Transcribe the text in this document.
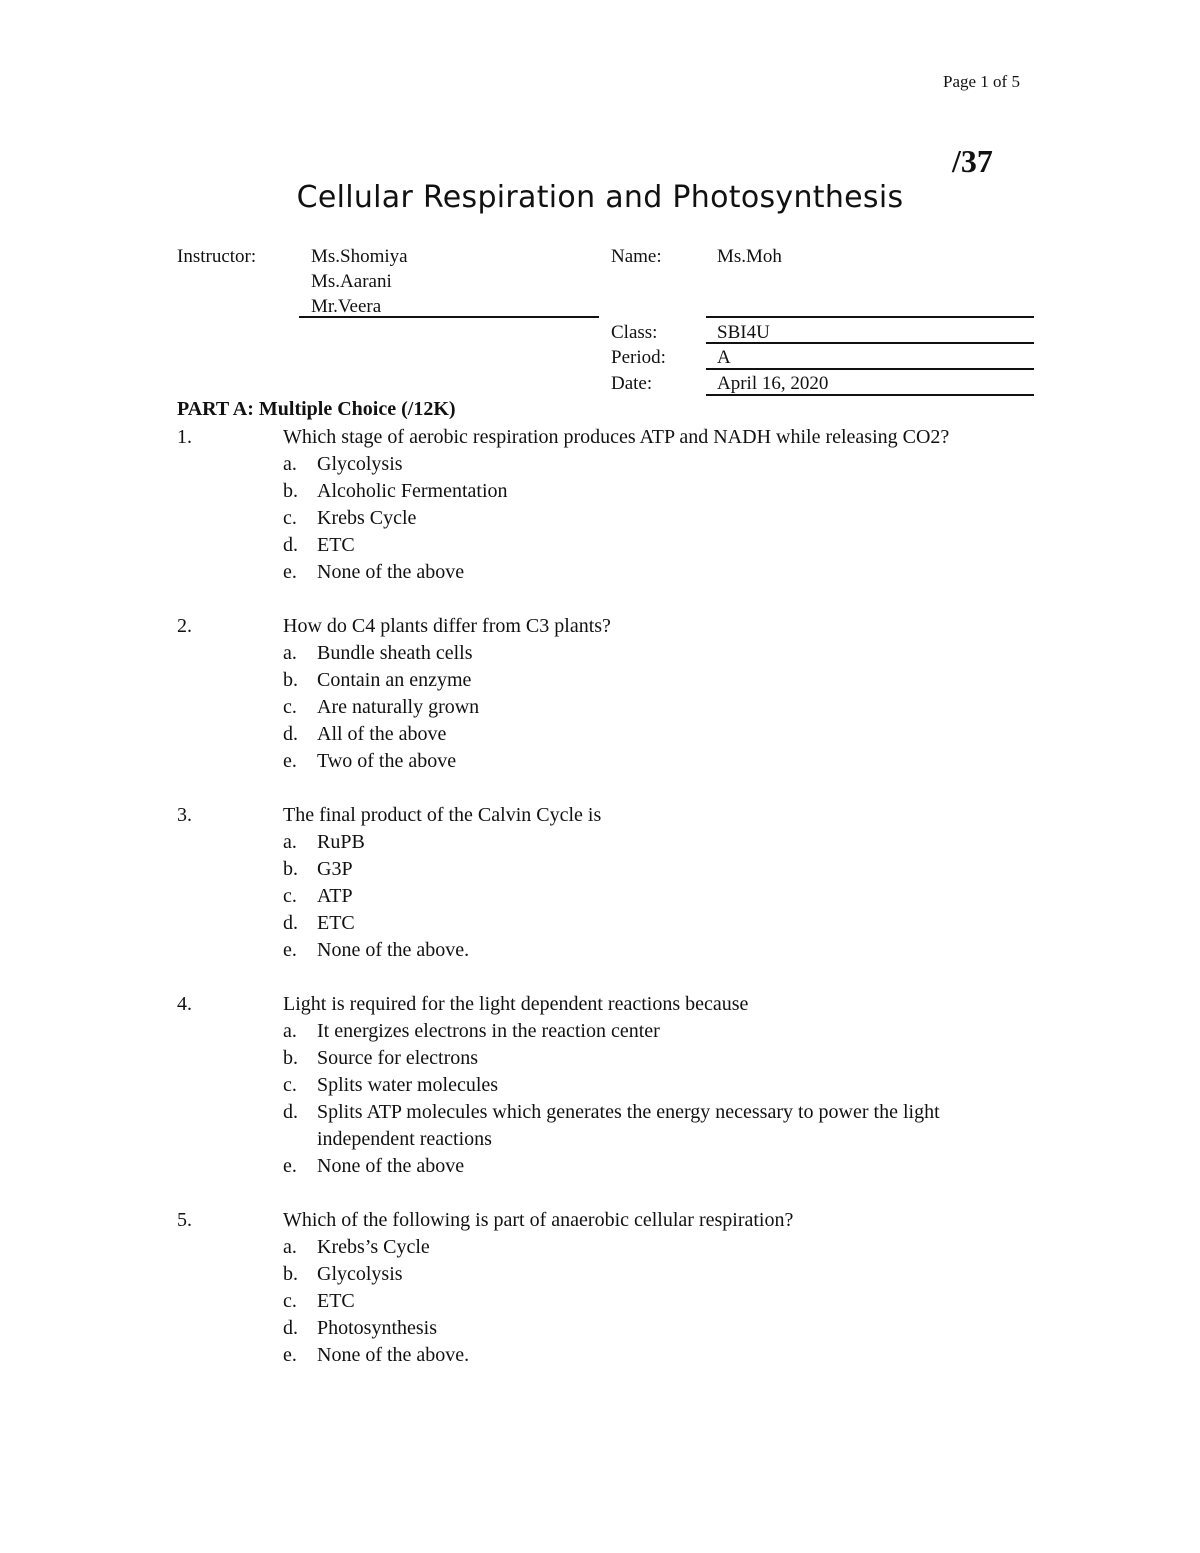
Page 1 of 5
/37
Cellular Respiration and Photosynthesis
Instructor:	Ms.Shomiya
Ms.Aarani
Mr.Veera
Name:	Ms.Moh
Class:	SBI4U
Period:	A
Date:	April 16, 2020
PART A: Multiple Choice (/12K)
1.	Which stage of aerobic respiration produces ATP and NADH while releasing CO2?
a. Glycolysis
b. Alcoholic Fermentation
c. Krebs Cycle
d. ETC
e. None of the above
2.	How do C4 plants differ from C3 plants?
a. Bundle sheath cells
b. Contain an enzyme
c. Are naturally grown
d. All of the above
e. Two of the above
3.	The final product of the Calvin Cycle is
a. RuPB
b. G3P
c. ATP
d. ETC
e. None of the above.
4.	Light is required for the light dependent reactions because
a. It energizes electrons in the reaction center
b. Source for electrons
c. Splits water molecules
d. Splits ATP molecules which generates the energy necessary to power the light independent reactions
e. None of the above
5.	Which of the following is part of anaerobic cellular respiration?
a. Krebs’s Cycle
b. Glycolysis
c. ETC
d. Photosynthesis
e. None of the above.
